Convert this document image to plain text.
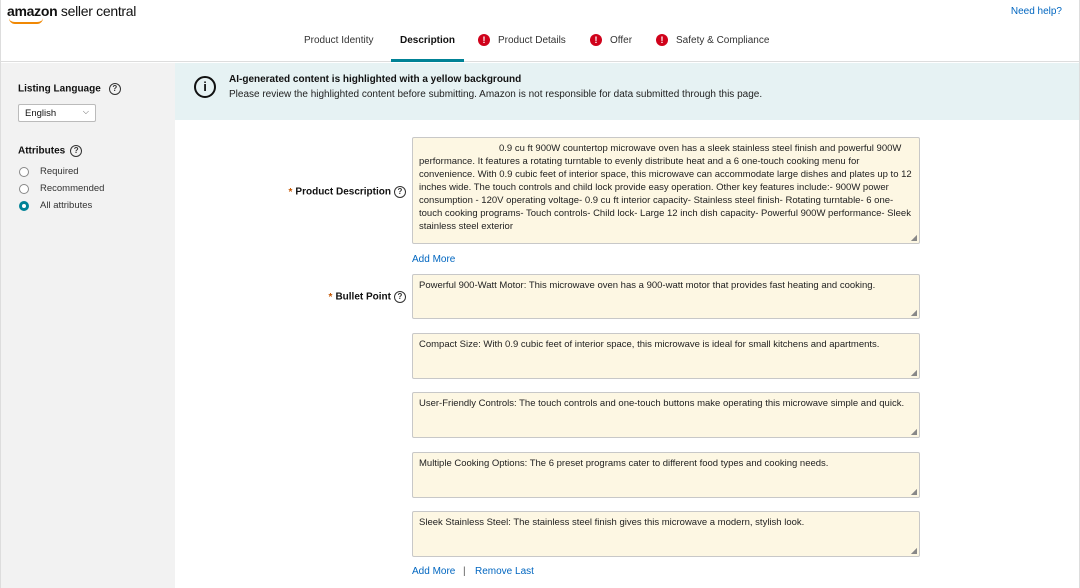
amazon seller central	Need help?
Product Identity	Description	!	Product Details	!	Offer	!	Safety & Compliance
Listing Language ?
English	⌵
Attributes ?
Required
Recommended
All attributes
i	AI-generated content is highlighted with a yellow background
Please review the highlighted content before submitting. Amazon is not responsible for data submitted through this page.
* Product Description ?
0.9 cu ft 900W countertop microwave oven has a sleek stainless steel finish and powerful 900W performance. It features a rotating turntable to evenly distribute heat and a 6 one-touch cooking menu for convenience. With 0.9 cubic feet of interior space, this microwave can accommodate large dishes and plates up to 12 inches wide. The touch controls and child lock provide easy operation. Other key features include:- 900W power consumption - 120V operating voltage- 0.9 cu ft interior capacity- Stainless steel finish- Rotating turntable- 6 one-touch cooking programs- Touch controls- Child lock- Large 12 inch dish capacity- Powerful 900W performance- Sleek stainless steel exterior
◢
Add More
* Bullet Point ?
Powerful 900-Watt Motor: This microwave oven has a 900-watt motor that provides fast heating and cooking.
◢
Compact Size: With 0.9 cubic feet of interior space, this microwave is ideal for small kitchens and apartments.
◢
User-Friendly Controls: The touch controls and one-touch buttons make operating this microwave simple and quick.
◢
Multiple Cooking Options: The 6 preset programs cater to different food types and cooking needs.
◢
Sleek Stainless Steel: The stainless steel finish gives this microwave a modern, stylish look.
◢
Add More | Remove Last
